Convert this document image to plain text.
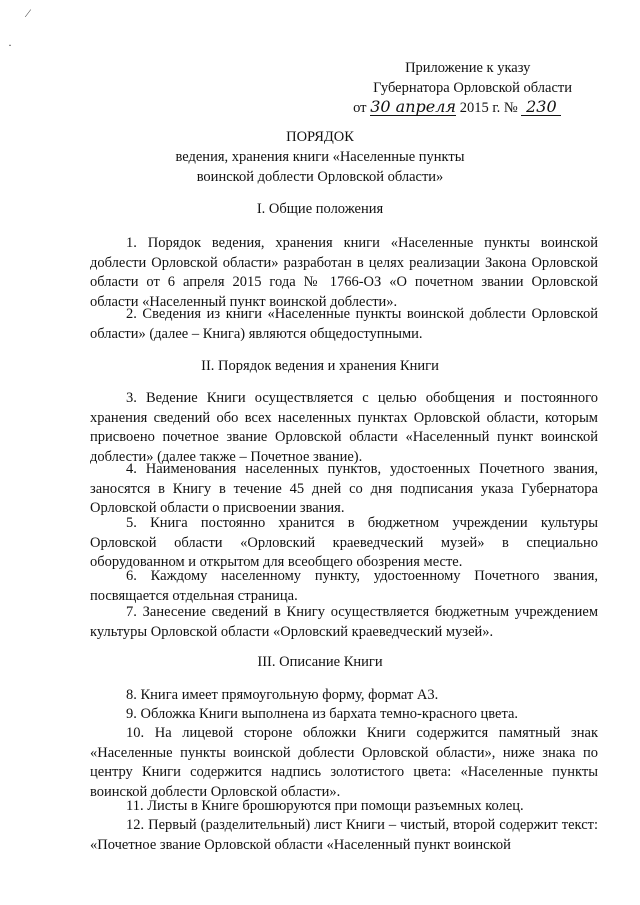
⁄
·
Приложение к указу
Губернатора Орловской области
от 30 апреля 2015 г. № 230
ПОРЯДОК
ведения, хранения книги «Населенные пункты
воинской доблести Орловской области»
I. Общие положения

1. Порядок ведения, хранения книги «Населенные пункты воинской доблести Орловской области» разработан в целях реализации Закона Орловской области от 6 апреля 2015 года № 1766-ОЗ «О почетном звании Орловской области «Населенный пункт воинской доблести».

2. Сведения из книги «Населенные пункты воинской доблести Орловской области» (далее – Книга) являются общедоступными.

II. Порядок ведения и хранения Книги

3. Ведение Книги осуществляется с целью обобщения и постоянного хранения сведений обо всех населенных пунктах Орловской области, которым присвоено почетное звание Орловской области «Населенный пункт воинской доблести» (далее также – Почетное звание).

4. Наименования населенных пунктов, удостоенных Почетного звания, заносятся в Книгу в течение 45 дней со дня подписания указа Губернатора Орловской области о присвоении звания.

5. Книга постоянно хранится в бюджетном учреждении культуры Орловской области «Орловский краеведческий музей» в специально оборудованном и открытом для всеобщего обозрения месте.

6. Каждому населенному пункту, удостоенному Почетного звания, посвящается отдельная страница.

7. Занесение сведений в Книгу осуществляется бюджетным учреждением культуры Орловской области «Орловский краеведческий музей».

III. Описание Книги

8. Книга имеет прямоугольную форму, формат А3.

9. Обложка Книги выполнена из бархата темно-красного цвета.

10. На лицевой стороне обложки Книги содержится памятный знак «Населенные пункты воинской доблести Орловской области», ниже знака по центру Книги содержится надпись золотистого цвета: «Населенные пункты воинской доблести Орловской области».

11. Листы в Книге брошюруются при помощи разъемных колец.

12. Первый (разделительный) лист Книги – чистый, второй содержит текст: «Почетное звание Орловской области «Населенный пункт воинской
